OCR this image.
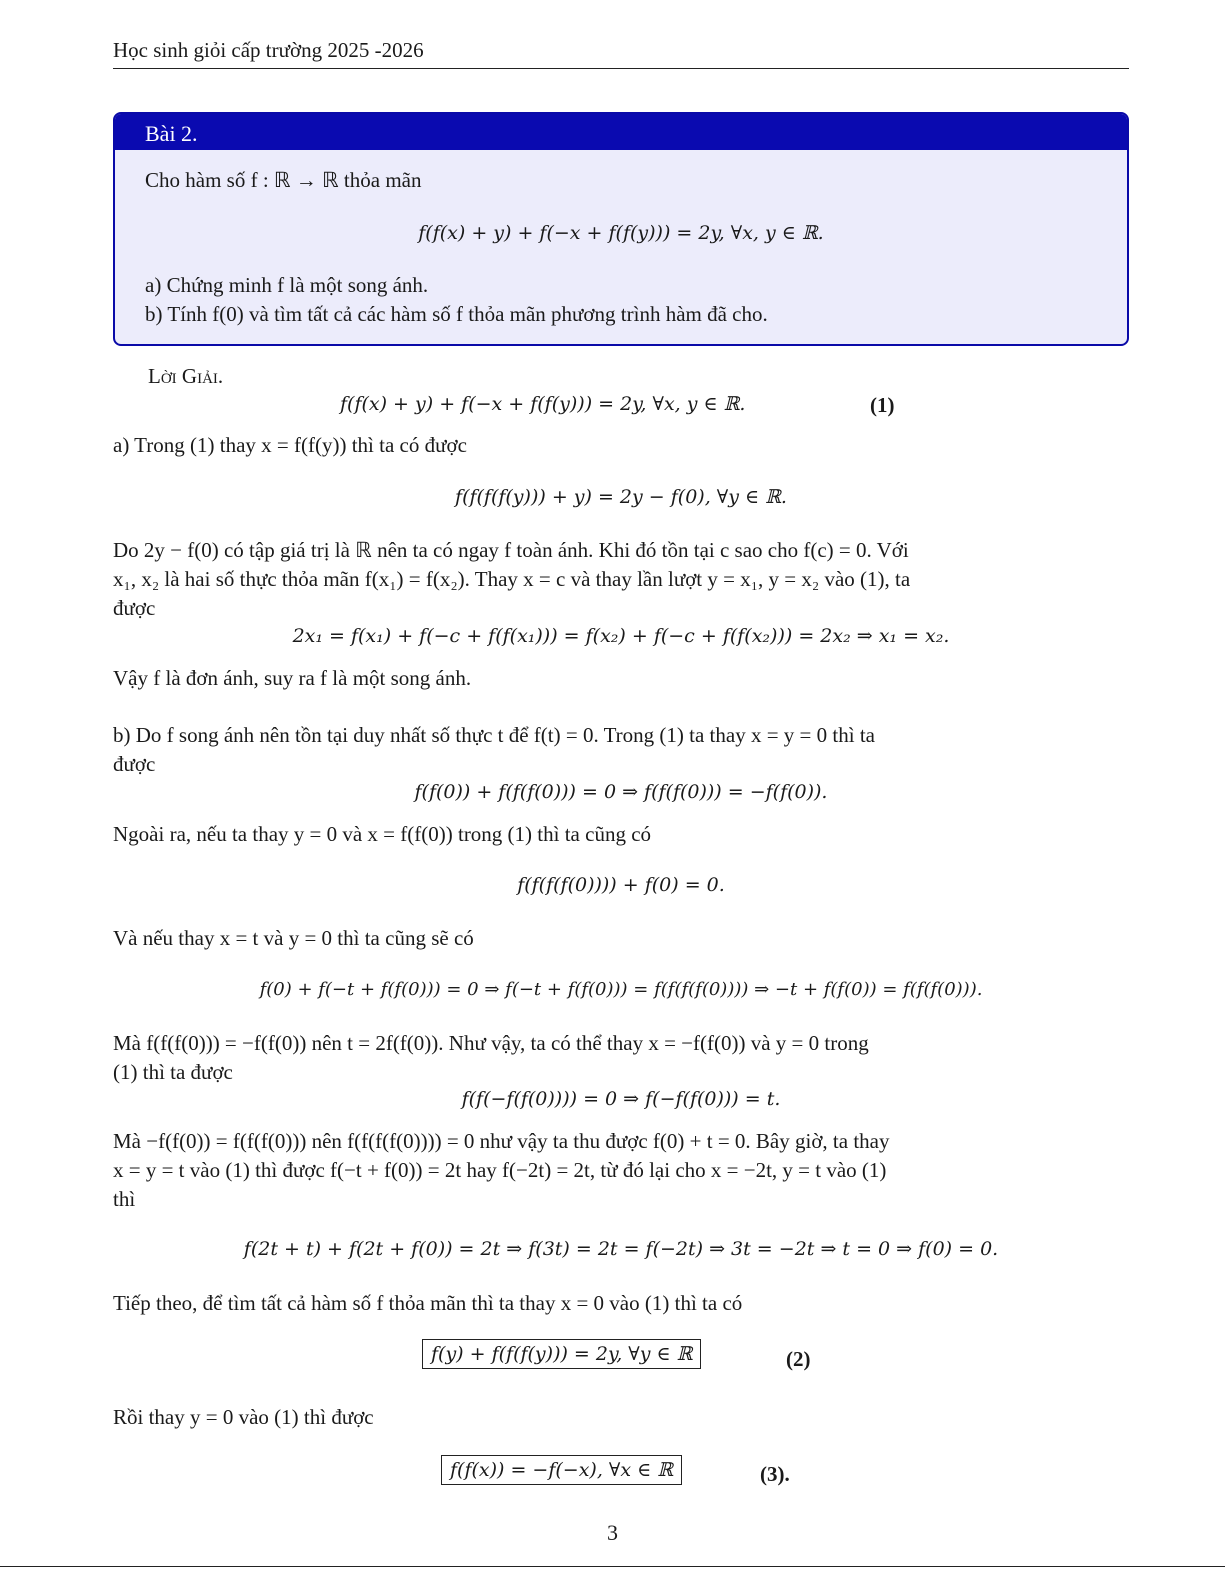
Học sinh giỏi cấp trường 2025 -2026
Bài 2.
Cho hàm số f : ℝ → ℝ thỏa mãn
f(f(x) + y) + f(−x + f(f(y))) = 2y, ∀x, y ∈ ℝ.
a) Chứng minh f là một song ánh.
b) Tính f(0) và tìm tất cả các hàm số f thỏa mãn phương trình hàm đã cho.
Lời Giải.
f(f(x) + y) + f(−x + f(f(y))) = 2y, ∀x, y ∈ ℝ.	(1)
a) Trong (1) thay x = f(f(y)) thì ta có được
f(f(f(f(y))) + y) = 2y − f(0), ∀y ∈ ℝ.
Do 2y − f(0) có tập giá trị là ℝ nên ta có ngay f toàn ánh. Khi đó tồn tại c sao cho f(c) = 0. Với
x₁, x₂ là hai số thực thỏa mãn f(x₁) = f(x₂). Thay x = c và thay lần lượt y = x₁, y = x₂ vào (1), ta
được
2x₁ = f(x₁) + f(−c + f(f(x₁))) = f(x₂) + f(−c + f(f(x₂))) = 2x₂ ⇒ x₁ = x₂.
Vậy f là đơn ánh, suy ra f là một song ánh.
b) Do f song ánh nên tồn tại duy nhất số thực t để f(t) = 0. Trong (1) ta thay x = y = 0 thì ta
được
f(f(0)) + f(f(f(0))) = 0 ⇒ f(f(f(0))) = −f(f(0)).
Ngoài ra, nếu ta thay y = 0 và x = f(f(0)) trong (1) thì ta cũng có
f(f(f(f(0)))) + f(0) = 0.
Và nếu thay x = t và y = 0 thì ta cũng sẽ có
f(0) + f(−t + f(f(0))) = 0 ⇒ f(−t + f(f(0))) = f(f(f(f(0)))) ⇒ −t + f(f(0)) = f(f(f(0))).
Mà f(f(f(0))) = −f(f(0)) nên t = 2f(f(0)). Như vậy, ta có thể thay x = −f(f(0)) và y = 0 trong
(1) thì ta được
f(f(−f(f(0)))) = 0 ⇒ f(−f(f(0))) = t.
Mà −f(f(0)) = f(f(f(0))) nên f(f(f(f(0)))) = 0 như vậy ta thu được f(0) + t = 0. Bây giờ, ta thay
x = y = t vào (1) thì được f(−t + f(0)) = 2t hay f(−2t) = 2t, từ đó lại cho x = −2t, y = t vào (1)
thì
f(2t + t) + f(2t + f(0)) = 2t ⇒ f(3t) = 2t = f(−2t) ⇒ 3t = −2t ⇒ t = 0 ⇒ f(0) = 0.
Tiếp theo, để tìm tất cả hàm số f thỏa mãn thì ta thay x = 0 vào (1) thì ta có
f(y) + f(f(f(y))) = 2y, ∀y ∈ ℝ	(2)
Rồi thay y = 0 vào (1) thì được
f(f(x)) = −f(−x), ∀x ∈ ℝ	(3).
3
